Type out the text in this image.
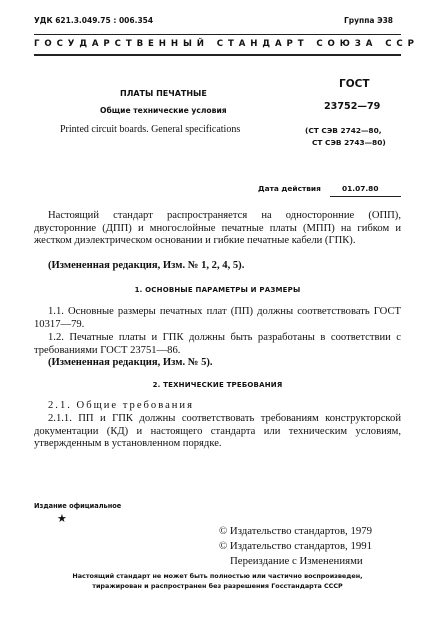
УДК 621.3.049.75 : 006.354	Группа Э38
ГОСУДАРСТВЕННЫЙ СТАНДАРТ СОЮЗА ССР
ПЛАТЫ ПЕЧАТНЫЕ
Общие технические условия
Printed circuit boards. General specifications
ГОСТ
23752—79
(СТ СЭВ 2742—80,
СТ СЭВ 2743—80)
Дата действия	01.07.80
Настоящий стандарт распространяется на односторонние (ОПП), двусторонние (ДПП) и многослойные печатные платы (МПП) на гибком и жестком диэлектрическом основании и гибкие печатные кабели (ГПК).
(Измененная редакция, Изм. № 1, 2, 4, 5).
1. ОСНОВНЫЕ ПАРАМЕТРЫ И РАЗМЕРЫ
1.1. Основные размеры печатных плат (ПП) должны соответствовать ГОСТ 10317—79.
1.2. Печатные платы и ГПК должны быть разработаны в соответствии с требованиями ГОСТ 23751—86.
(Измененная редакция, Изм. № 5).
2. ТЕХНИЧЕСКИЕ ТРЕБОВАНИЯ
2.1. Общие требования
2.1.1. ПП и ГПК должны соответствовать требованиям конструкторской документации (КД) и настоящего стандарта или техническим условиям, утвержденным в установленном порядке.
Издание официальное
★
© Издательство стандартов, 1979
© Издательство стандартов, 1991
Переиздание с Изменениями
Настоящий стандарт не может быть полностью или частично воспроизведен,
тиражирован и распространен без разрешения Госстандарта СССР
